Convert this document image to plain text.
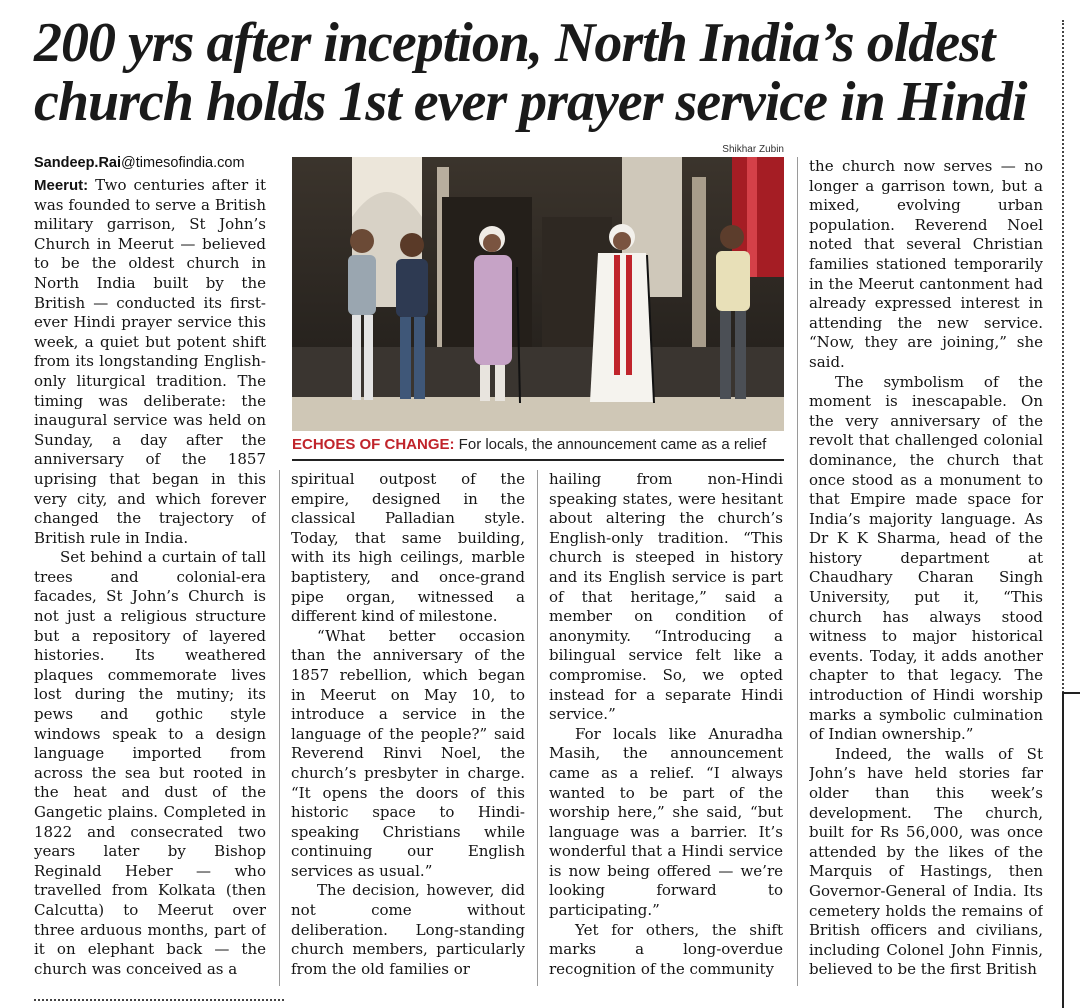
200 yrs after inception, North India’s oldest
church holds 1st ever prayer service in Hindi
Sandeep.Rai@timesofindia.com
Shikhar Zubin
ECHOES OF CHANGE: For locals, the announcement came as a relief

Meerut: Two centuries after it was founded to serve a British military garrison, St John’s Church in Meerut — believed to be the oldest church in North India built by the British — conducted its first-ever Hindi prayer service this week, a quiet but potent shift from its longstanding English-only liturgical tradition. The timing was deliberate: the inaugural service was held on Sunday, a day after the anniversary of the 1857 uprising that began in this very city, and which forever changed the trajectory of British rule in India.

Set behind a curtain of tall trees and colonial-era facades, St John’s Church is not just a religious structure but a repository of layered histories. Its weathered plaques commemorate lives lost during the mutiny; its pews and gothic style windows speak to a design language imported from across the sea but rooted in the heat and dust of the Gangetic plains. Completed in 1822 and consecrated two years later by Bishop Reginald Heber — who travelled from Kolkata (then Calcutta) to Meerut over three arduous months, part of it on elephant back — the church was conceived as a

spiritual outpost of the empire, designed in the classical Palladian style. Today, that same building, with its high ceilings, marble baptistery, and once-grand pipe organ, witnessed a different kind of milestone.

“What better occasion than the anniversary of the 1857 rebellion, which began in Meerut on May 10, to introduce a service in the language of the people?” said Reverend Rinvi Noel, the church’s presbyter in charge. “It opens the doors of this historic space to Hindi-speaking Christians while continuing our English services as usual.”

The decision, however, did not come without deliberation. Long-standing church members, particularly from the old families or

hailing from non-Hindi speaking states, were hesitant about altering the church’s English-only tradition. “This church is steeped in history and its English service is part of that heritage,” said a member on condition of anonymity. “Introducing a bilingual service felt like a compromise. So, we opted instead for a separate Hindi service.”

For locals like Anuradha Masih, the announcement came as a relief. “I always wanted to be part of the worship here,” she said, “but language was a barrier. It’s wonderful that a Hindi service is now being offered — we’re looking forward to participating.”

Yet for others, the shift marks a long-overdue recognition of the community

the church now serves — no longer a garrison town, but a mixed, evolving urban population. Reverend Noel noted that several Christian families stationed temporarily in the Meerut cantonment had already expressed interest in attending the new service. “Now, they are joining,” she said.

The symbolism of the moment is inescapable. On the very anniversary of the revolt that challenged colonial dominance, the church that once stood as a monument to that Empire made space for India’s majority language. As Dr K K Sharma, head of the history department at Chaudhary Charan Singh University, put it, “This church has always stood witness to major historical events. Today, it adds another chapter to that legacy. The introduction of Hindi worship marks a symbolic culmination of Indian ownership.”

Indeed, the walls of St John’s have held stories far older than this week’s development. The church, built for Rs 56,000, was once attended by the likes of the Marquis of Hastings, then Governor-General of India. Its cemetery holds the remains of British officers and civilians, including Colonel John Finnis, believed to be the first British
